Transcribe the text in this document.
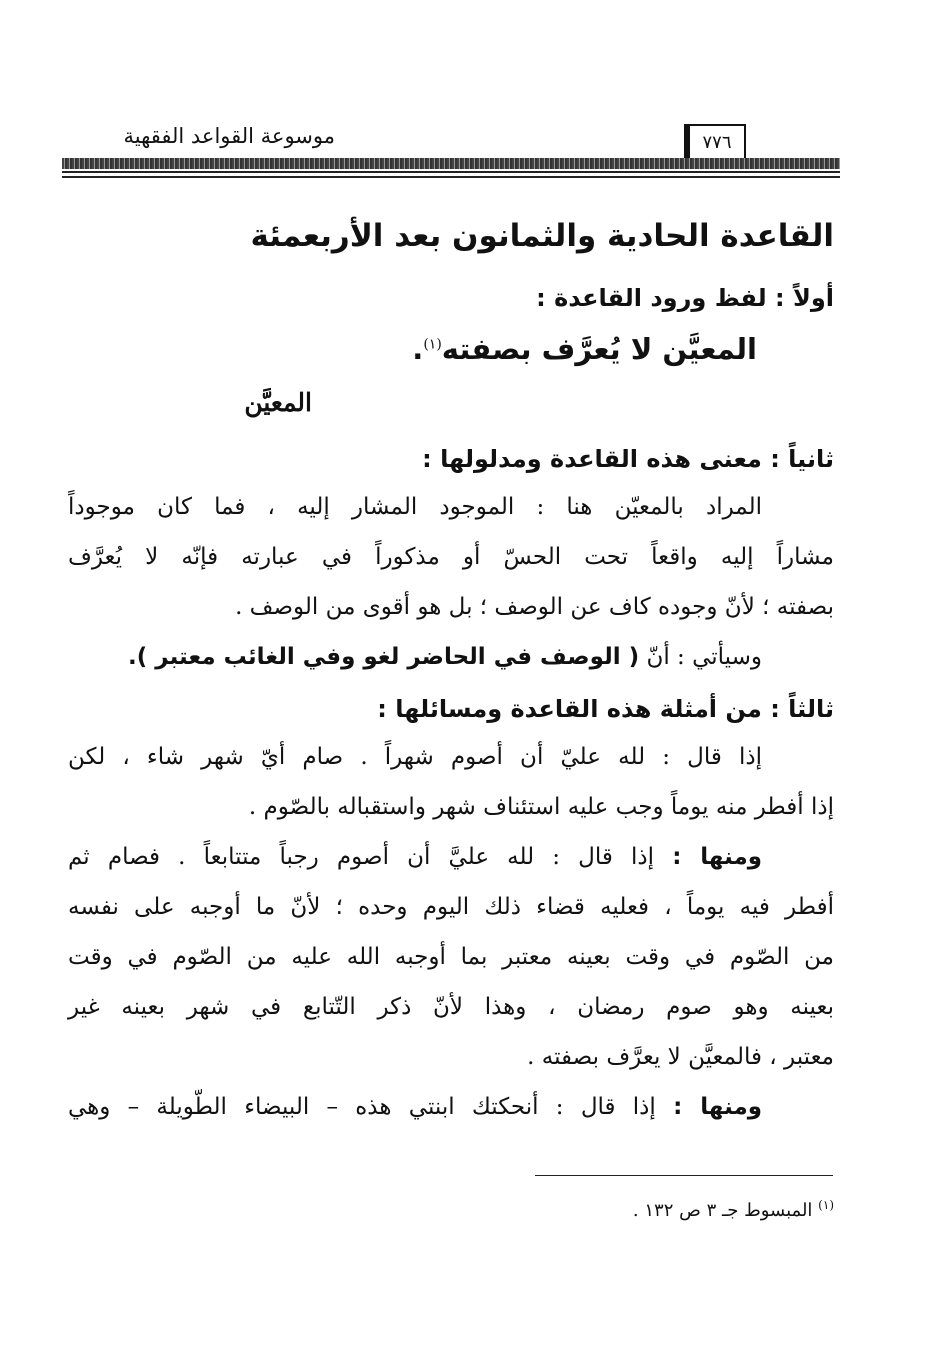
موسوعة القواعد الفقهية	٧٧٦
القاعدة الحادية والثمانون بعد الأربعمئة
أولاً : لفظ ورود القاعدة :
المعيَّن لا يُعرَّف بصفته$^{(١)}$.
المعيَّن
ثانياً : معنى هذه القاعدة ومدلولها :
المراد بالمعيّن هنا : الموجود المشار إليه ، فما كان موجوداً
مشاراً إليه واقعاً تحت الحسّ أو مذكوراً في عبارته فإنّه لا يُعرَّف
بصفته ؛ لأنّ وجوده كاف عن الوصف ؛ بل هو أقوى من الوصف .
وسيأتي : أنّ ( الوصف في الحاضر لغو وفي الغائب معتبر ).
ثالثاً : من أمثلة هذه القاعدة ومسائلها :
إذا قال : لله عليّ أن أصوم شهراً . صام أيّ شهر شاء ، لكن
إذا أفطر منه يوماً وجب عليه استئناف شهر واستقباله بالصّوم .
ومنها : إذا قال : لله عليَّ أن أصوم رجباً متتابعاً . فصام ثم
أفطر فيه يوماً ، فعليه قضاء ذلك اليوم وحده ؛ لأنّ ما أوجبه على نفسه
من الصّوم في وقت بعينه معتبر بما أوجبه الله عليه من الصّوم في وقت
بعينه وهو صوم رمضان ، وهذا لأنّ ذكر التّتابع في شهر بعينه غير
معتبر ، فالمعيَّن لا يعرَّف بصفته .
ومنها : إذا قال : أنحكتك ابنتي هذه – البيضاء الطّويلة – وهي
$^{(١)}$ المبسوط جـ ٣ ص ١٣٢ .
